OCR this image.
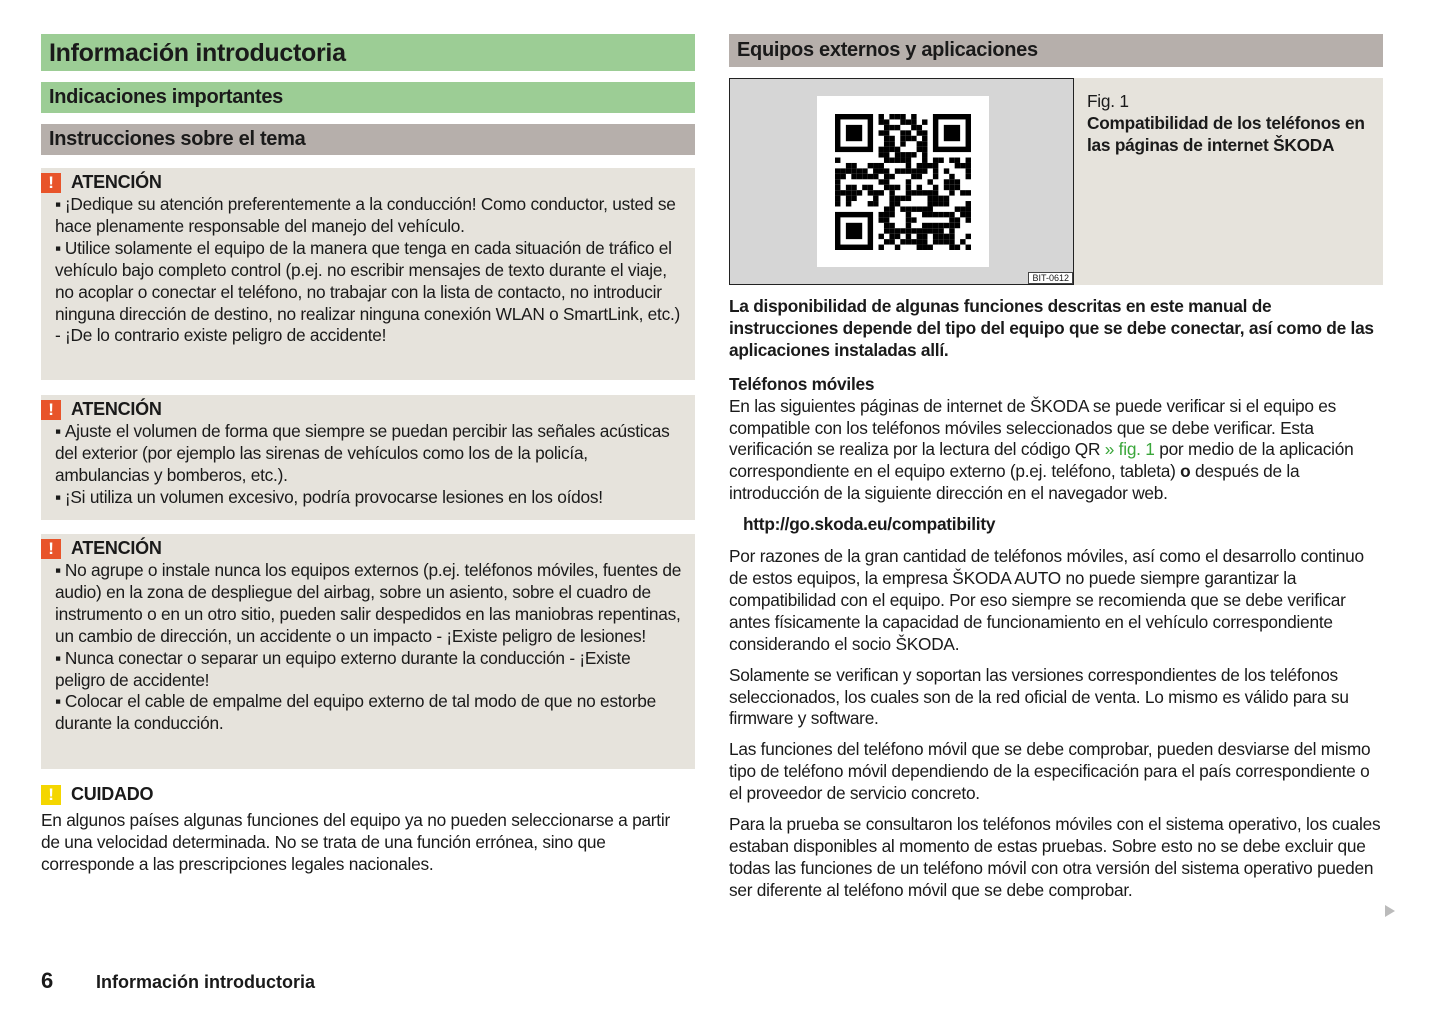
Información introductoria
Indicaciones importantes
Instrucciones sobre el tema
! ATENCIÓN
▪ ¡Dedique su atención preferentemente a la conducción! Como conductor, usted se hace plenamente responsable del manejo del vehículo.
▪ Utilice solamente el equipo de la manera que tenga en cada situación de tráfico el vehículo bajo completo control (p.ej. no escribir mensajes de texto durante el viaje, no acoplar o conectar el teléfono, no trabajar con la lista de contacto, no introducir ninguna dirección de destino, no realizar ninguna conexión WLAN o SmartLink, etc.) - ¡De lo contrario existe peligro de accidente!
! ATENCIÓN
▪ Ajuste el volumen de forma que siempre se puedan percibir las señales acústicas del exterior (por ejemplo las sirenas de vehículos como los de la policía, ambulancias y bomberos, etc.).
▪ ¡Si utiliza un volumen excesivo, podría provocarse lesiones en los oídos!
! ATENCIÓN
▪ No agrupe o instale nunca los equipos externos (p.ej. teléfonos móviles, fuentes de audio) en la zona de despliegue del airbag, sobre un asiento, sobre el cuadro de instrumento o en un otro sitio, pueden salir despedidos en las maniobras repentinas, un cambio de dirección, un accidente o un impacto - ¡Existe peligro de lesiones!
▪ Nunca conectar o separar un equipo externo durante la conducción - ¡Existe peligro de accidente!
▪ Colocar el cable de empalme del equipo externo de tal modo de que no estorbe durante la conducción.
! CUIDADO
En algunos países algunas funciones del equipo ya no pueden seleccionarse a partir de una velocidad determinada. No se trata de una función errónea, sino que corresponde a las prescripciones legales nacionales.
Equipos externos y aplicaciones
BIT-0612
Fig. 1
Compatibilidad de los teléfonos en las páginas de internet ŠKODA

La disponibilidad de algunas funciones descritas en este manual de instrucciones depende del tipo del equipo que se debe conectar, así como de las aplicaciones instaladas allí.

Teléfonos móviles

En las siguientes páginas de internet de ŠKODA se puede verificar si el equipo es compatible con los teléfonos móviles seleccionados que se debe verificar. Esta verificación se realiza por la lectura del código QR » fig. 1 por medio de la aplicación correspondiente en el equipo externo (p.ej. teléfono, tableta) o después de la introducción de la siguiente dirección en el navegador web.

http://go.skoda.eu/compatibility

Por razones de la gran cantidad de teléfonos móviles, así como el desarrollo continuo de estos equipos, la empresa ŠKODA AUTO no puede siempre garantizar la compatibilidad con el equipo. Por eso siempre se recomienda que se debe verificar antes físicamente la capacidad de funcionamiento en el vehículo correspondiente considerando el socio ŠKODA.

Solamente se verifican y soportan las versiones correspondientes de los teléfonos seleccionados, los cuales son de la red oficial de venta. Lo mismo es válido para su firmware y software.

Las funciones del teléfono móvil que se debe comprobar, pueden desviarse del mismo tipo de teléfono móvil dependiendo de la especificación para el país correspondiente o el proveedor de servicio concreto.

Para la prueba se consultaron los teléfonos móviles con el sistema operativo, los cuales estaban disponibles al momento de estas pruebas. Sobre esto no se debe excluir que todas las funciones de un teléfono móvil con otra versión del sistema operativo pueden ser diferente al teléfono móvil que se debe comprobar.

6 Información introductoria
